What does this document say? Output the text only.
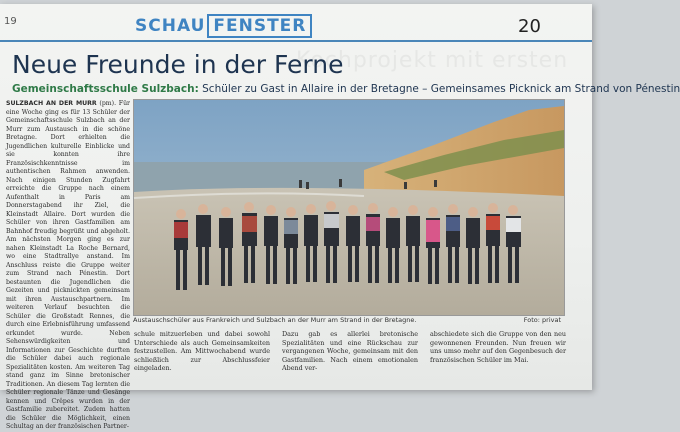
19	SCHAU FENSTER	20
Kochprojekt mit ersten
Neue Freunde in der Ferne
Gemeinschaftsschule Sulzbach: Schüler zu Gast in Allaire in der Bretagne – Gemeinsames Picknick am Strand von Pénestin
SULZBACH AN DER MURR (pm). Für eine Woche ging es für 13 Schüler der Gemeinschaftsschule Sulzbach an der Murr zum Austausch in die schöne Bretagne. Dort erhielten die Jugendlichen kulturelle Einblicke und sie konnten ihre Französischkenntnisse im authentischen Rahmen anwenden. Nach einigen Stunden Zugfahrt erreichte die Gruppe nach einem Aufenthalt in Paris am Donnerstagabend ihr Ziel, die Kleinstadt Allaire. Dort wurden die Schüler von ihren Gastfamilien am Bahnhof freudig begrüßt und abgeholt. Am nächsten Morgen ging es zur nahen Kleinstadt La Roche Bernard, wo eine Stadtrallye anstand. Im Anschluss reiste die Gruppe weiter zum Strand nach Pénestin. Dort bestaunten die Jugendlichen die Gezeiten und picknickten gemeinsam mit ihren Austauschpartnern. Im weiteren Verlauf besuchten die Schüler die Großstadt Rennes, die durch eine Erlebnisführung umfassend erkundet wurde. Neben Sehenswürdigkeiten und Informationen zur Geschichte durften die Schüler dabei auch regionale Spezialitäten kosten. Am weiteren Tag stand ganz im Sinne bretonischer Traditionen. An diesem Tag lernten die Schüler regionale Tänze und Gesänge kennen und Crêpes wurden in der Gastfamilie zubereitet. Zudem hatten die Schüler die Möglichkeit, einen Schultag an der französischen Partner-
Austauschschüler aus Frankreich und Sulzbach an der Murr am Strand in der Bretagne.	Foto: privat
schule mitzuerleben und dabei sowohl Unterschiede als auch Gemeinsamkeiten festzustellen. Am Mittwochabend wurde schließlich zur Abschlussfeier eingeladen.
Dazu gab es allerlei bretonische Spezialitäten und eine Rückschau zur vergangenen Woche, gemeinsam mit den Gastfamilien. Nach einem emotionalen Abend ver-
abschiedete sich die Gruppe von den neu gewonnenen Freunden. Nun freuen wir uns umso mehr auf den Gegenbesuch der französischen Schüler im Mai.
